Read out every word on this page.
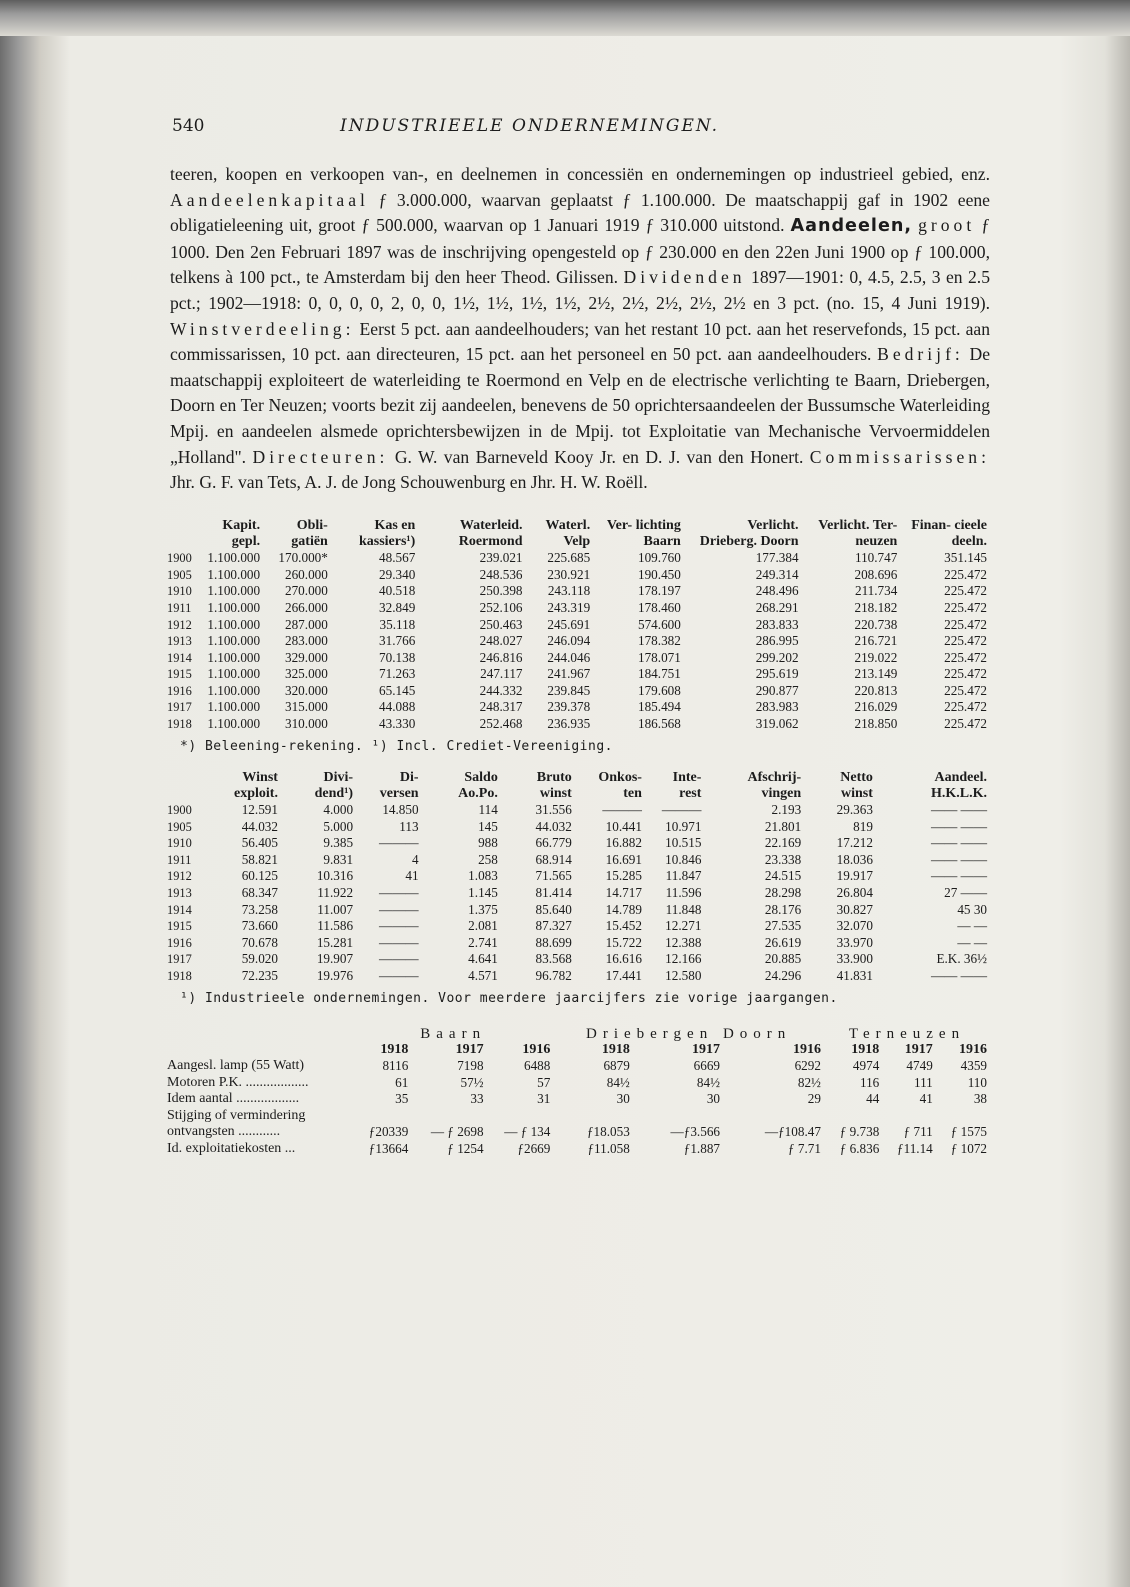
540	INDUSTRIEELE ONDERNEMINGEN.
teeren, koopen en verkoopen van-, en deelnemen in concessiën en ondernemingen op industrieel gebied, enz. Aandeelenkapitaal ƒ 3.000.000, waarvan geplaatst ƒ 1.100.000. De maatschappij gaf in 1902 eene obligatieleening uit, groot ƒ 500.000, waarvan op 1 Januari 1919 ƒ 310.000 uitstond. Aandeelen, groot ƒ 1000. Den 2en Februari 1897 was de inschrijving opengesteld op ƒ 230.000 en den 22en Juni 1900 op ƒ 100.000, telkens à 100 pct., te Amsterdam bij den heer Theod. Gilissen. Dividenden 1897—1901: 0, 4.5, 2.5, 3 en 2.5 pct.; 1902—1918: 0, 0, 0, 0, 2, 0, 0, 1½, 1½, 1½, 1½, 2½, 2½, 2½, 2½, 2½ en 3 pct. (no. 15, 4 Juni 1919). Winstverdeeling: Eerst 5 pct. aan aandeelhouders; van het restant 10 pct. aan het reservefonds, 15 pct. aan commissarissen, 10 pct. aan directeuren, 15 pct. aan het personeel en 50 pct. aan aandeelhouders. Bedrijf: De maatschappij exploiteert de waterleiding te Roermond en Velp en de electrische verlichting te Baarn, Driebergen, Doorn en Ter Neuzen; voorts bezit zij aandeelen, benevens de 50 oprichtersaandeelen der Bussumsche Waterleiding Mpij. en aandeelen alsmede oprichtersbewijzen in de Mpij. tot Exploitatie van Mechanische Vervoermiddelen „Holland". Directeuren: G. W. van Barneveld Kooy Jr. en D. J. van den Honert. Commissarissen: Jhr. G. F. van Tets, A. J. de Jong Schouwenburg en Jhr. H. W. Roëll.
	Kapit. gepl.	Obli- gatiën	Kas en kassiers¹)	Waterleid. Roermond	Waterl. Velp	Ver- lichting Baarn	Verlicht. Drieberg. Doorn	Verlicht. Ter- neuzen	Finan- cieele deeln.
1900	1.100.000	170.000*	48.567	239.021	225.685	109.760	177.384	110.747	351.145
1905	1.100.000	260.000	29.340	248.536	230.921	190.450	249.314	208.696	225.472
1910	1.100.000	270.000	40.518	250.398	243.118	178.197	248.496	211.734	225.472
1911	1.100.000	266.000	32.849	252.106	243.319	178.460	268.291	218.182	225.472
1912	1.100.000	287.000	35.118	250.463	245.691	574.600	283.833	220.738	225.472
1913	1.100.000	283.000	31.766	248.027	246.094	178.382	286.995	216.721	225.472
1914	1.100.000	329.000	70.138	246.816	244.046	178.071	299.202	219.022	225.472
1915	1.100.000	325.000	71.263	247.117	241.967	184.751	295.619	213.149	225.472
1916	1.100.000	320.000	65.145	244.332	239.845	179.608	290.877	220.813	225.472
1917	1.100.000	315.000	44.088	248.317	239.378	185.494	283.983	216.029	225.472
1918	1.100.000	310.000	43.330	252.468	236.935	186.568	319.062	218.850	225.472
*) Beleening-rekening. ¹) Incl. Crediet-Vereeniging.
	Winst exploit.	Divi- dend¹)	Di- versen	Saldo Ao.Po.	Bruto winst	Onkos- ten	Inte- rest	Afschrij- vingen	Netto winst	Aandeel. H.K.L.K.
1900	12.591	4.000	14.850	114	31.556	———	———	2.193	29.363	—— ——
1905	44.032	5.000	113	145	44.032	10.441	10.971	21.801	819	—— ——
1910	56.405	9.385	———	988	66.779	16.882	10.515	22.169	17.212	—— ——
1911	58.821	9.831	4	258	68.914	16.691	10.846	23.338	18.036	—— ——
1912	60.125	10.316	41	1.083	71.565	15.285	11.847	24.515	19.917	—— ——
1913	68.347	11.922	———	1.145	81.414	14.717	11.596	28.298	26.804	27 ——
1914	73.258	11.007	———	1.375	85.640	14.789	11.848	28.176	30.827	45 30
1915	73.660	11.586	———	2.081	87.327	15.452	12.271	27.535	32.070	— —
1916	70.678	15.281	———	2.741	88.699	15.722	12.388	26.619	33.970	— —
1917	59.020	19.907	———	4.641	83.568	16.616	12.166	20.885	33.900	E.K. 36½
1918	72.235	19.976	———	4.571	96.782	17.441	12.580	24.296	41.831	—— ——
¹) Industrieele ondernemingen. Voor meerdere jaarcijfers zie vorige jaargangen.
	Baarn			Driebergen Doorn			Terneuzen		
	1918	1917	1916	1918	1917	1916	1918	1917	1916
Aangesl. lamp (55 Watt)	8116	7198	6488	6879	6669	6292	4974	4749	4359
Motoren P.K. ..................	61	57½	57	84½	84½	82½	116	111	110
Idem aantal ..................	35	33	31	30	30	29	44	41	38
Stijging of vermindering									
ontvangsten ............	ƒ20339	— ƒ 2698	— ƒ 134	ƒ18.053	—ƒ3.566	—ƒ108.47	ƒ 9.738	ƒ 711	ƒ 1575
Id. exploitatiekosten ...	ƒ13664	ƒ 1254	ƒ2669	ƒ11.058	ƒ1.887	ƒ 7.71	ƒ 6.836	ƒ11.14	ƒ 1072
